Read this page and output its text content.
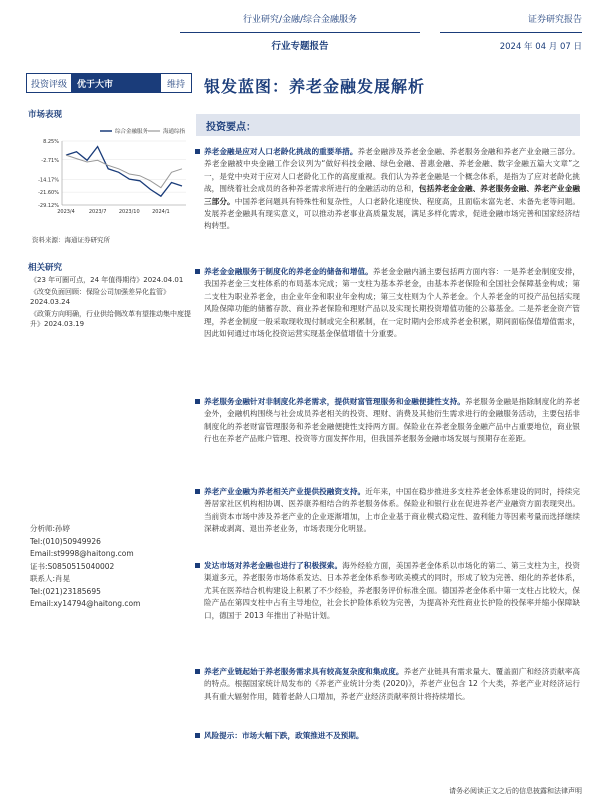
行业研究/金融/综合金融服务
行业专题报告
证券研究报告
2024 年 04 月 07 日
投资评级	优于大市	维持	银发蓝图：养老金融发展解析
市场表现
综合金融服务	海通综指
8.25%
-2.71%
-14.17%
-21.60%
-29.12%
2023/4	2023/7 2023/10 2024/1
资料来源：海通证券研究所
相关研究

《23 年可圈可点，24 年值得期待》2024.04.01

《改变负面回顾：保险公司加强差异化监管》2024.03.24

《政策方向明确，行业供给侧改革有望推动集中度提升》2024.03.19

分析师:孙婷
Tel:(010)50949926
Email:st9998@haitong.com
证书:S0850515040002
联系人:肖晃
Tel:(021)23185695
Email:xy14794@haitong.com
投资要点：
养老金融是应对人口老龄化挑战的重要举措。养老金融涉及养老金金融、养老服务金融和养老产业金融三部分。养老金融被中央金融工作会议列为“做好科技金融、绿色金融、普惠金融、养老金融、数字金融五篇大文章”之一，是党中央对于应对人口老龄化工作的高度重视。我们认为养老金融是一个概念体系，是指为了应对老龄化挑战，围绕着社会成员的各种养老需求所进行的金融活动的总和，包括养老金金融、养老服务金融、养老产业金融三部分。中国养老问题具有特殊性和复杂性，人口老龄化速度快、程度高，且面临未富先老、未备先老等问题。发展养老金融具有现实意义，可以推动养老事业高质量发展，满足多样化需求，促进金融市场完善和国家经济结构转型。
养老金金融服务于制度化的养老金的储备和增值。养老金金融内涵主要包括两方面内容：一是养老金制度安排，我国养老金三支柱体系的布局基本完成；第一支柱为基本养老金，由基本养老保险和全国社会保障基金构成；第二支柱为职业养老金，由企业年金和职业年金构成；第三支柱则为个人养老金。个人养老金的可投产品包括实现风险保障功能的储蓄存款、商业养老保险和理财产品以及实现长期投资增值功能的公募基金。二是养老金资产管理，养老金制度一般采取现收现付制或完全积累制，在一定时期内会形成养老金积累，期间面临保值增值需求，因此如何通过市场化投资运营实现基金保值增值十分重要。
养老服务金融针对非制度化养老需求，提供财富管理服务和金融便捷性支持。养老服务金融是指除制度化的养老金外，金融机构围绕与社会成员养老相关的投资、理财、消费及其他衍生需求进行的金融服务活动，主要包括非制度化的养老财富管理服务和养老金融便捷性支持两方面。保险业在养老金服务金融产品中占重要地位，商业银行也在养老产品账户管理、投资等方面发挥作用，但我国养老服务金融市场发展与预期存在差距。
养老产业金融为养老相关产业提供投融资支持。近年来，中国在稳步推进多支柱养老金体系建设的同时，持续完善居家社区机构相协调、医养康养相结合的养老服务体系。保险业和银行业在促进养老产业融资方面表现突出。当前资本市场中涉及养老产业的企业逐渐增加，上市企业基于商业模式稳定性、盈利能力等因素考量而选择继续深耕或剥离、退出养老业务，市场表现分化明显。
发达市场对养老金融也进行了积极探索。海外经验方面，美国养老金体系以市场化的第二、第三支柱为主，投资渠道多元，养老服务市场体系发达、日本养老金体系参考欧美模式的同时，形成了较为完善、细化的养老体系，尤其在医养结合机构建设上积累了不少经验，养老服务评价标准全面。德国养老金体系中第一支柱占比较大，保险产品在第四支柱中占有主导地位，社会长护险体系较为完善，为提高补充性商业长护险的投保率并缩小保障缺口，德国于 2013 年推出了补贴计划。
养老产业链起始于养老服务需求具有较高复杂度和集成度。养老产业链具有需求量大、覆盖面广和经济贡献率高的特点。根据国家统计局发布的《养老产业统计分类 (2020)》，养老产业包含 12 个大类，养老产业对经济运行具有重大辐射作用，随着老龄人口增加，养老产业经济贡献率预计将持续增长。
风险提示：市场大幅下跌，政策推进不及预期。
请务必阅读正文之后的信息披露和法律声明
